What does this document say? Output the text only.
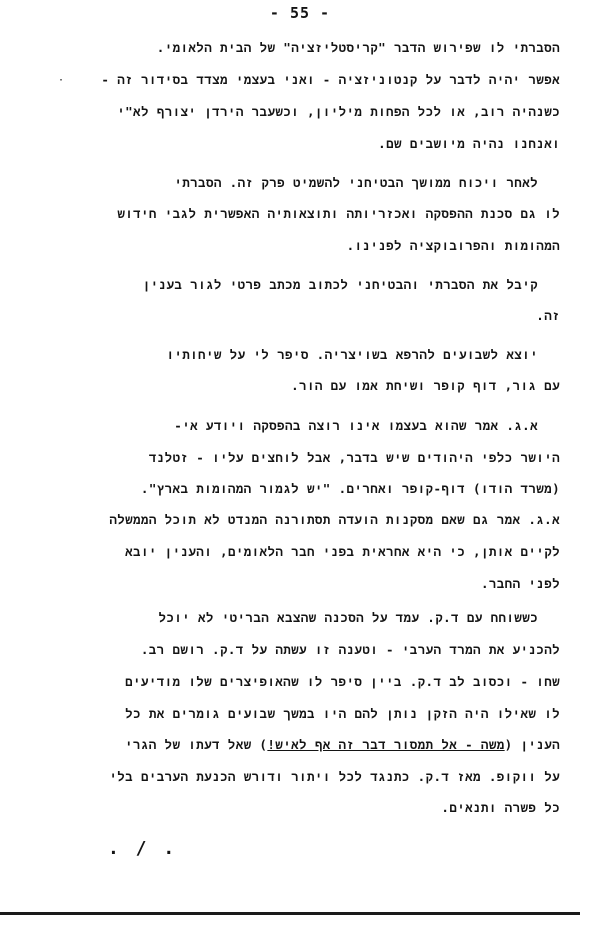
- 55 -
·
הסברתי לו שפירוש הדבר "קריסטליזציה" של הבית הלאומי.
אפשר יהיה לדבר על קנטוניזציה - ואני בעצמי מצדד בסידור זה -
כשנהיה רוב, או לכל הפחות מיליון, וכשעבר הירדן יצורף לא"י
ואנחנו נהיה מיושבים שם.
לאחר ויכוח ממושך הבטיחני להשמיט פרק זה. הסברתי
לו גם סכנת ההפסקה ואכזריותה ותוצאותיה האפשרית לגבי חידוש
המהומות והפרובוקציה לפנינו.
קיבל את הסברתי והבטיחני לכתוב מכתב פרטי לגור בענין
זה.
יוצא לשבועים להרפא בשויצריה. סיפר לי על שיחותיו
עם גור, דוף קופר ושיחת אמו עם הור.
א.ג. אמר שהוא בעצמו אינו רוצה בהפסקה ויודע אי-
היושר כלפי היהודים שיש בדבר, אבל לוחצים עליו - זטלנד
(משרד הודו) דוף-קופר ואחרים. "יש לגמור המהומות בארץ".
א.ג. אמר גם שאם מסקנות הועדה תסתורנה המנדט לא תוכל הממשלה
לקיים אותן, כי היא אחראית בפני חבר הלאומים, והענין יובא
לפני החבר.
כששוחח עם ד.ק. עמד על הסכנה שהצבא הבריטי לא יוכל
להכניע את המרד הערבי - וטענה זו עשתה על ד.ק. רושם רב.
שחו - וכסוב לב ד.ק. ביין סיפר לו שהאופיצרים שלו מודיעים
לו שאילו היה הזקן נותן להם היו במשך שבועים גומרים את כל
הענין (משה - אל תמסור דבר זה אף לאיש!) שאל דעתו של הגרי
על ווקופ. מאז ד.ק. כתנגד לכל ויתור ודורש הכנעת הערבים בלי
כל פשרה ותנאים.
. / .
